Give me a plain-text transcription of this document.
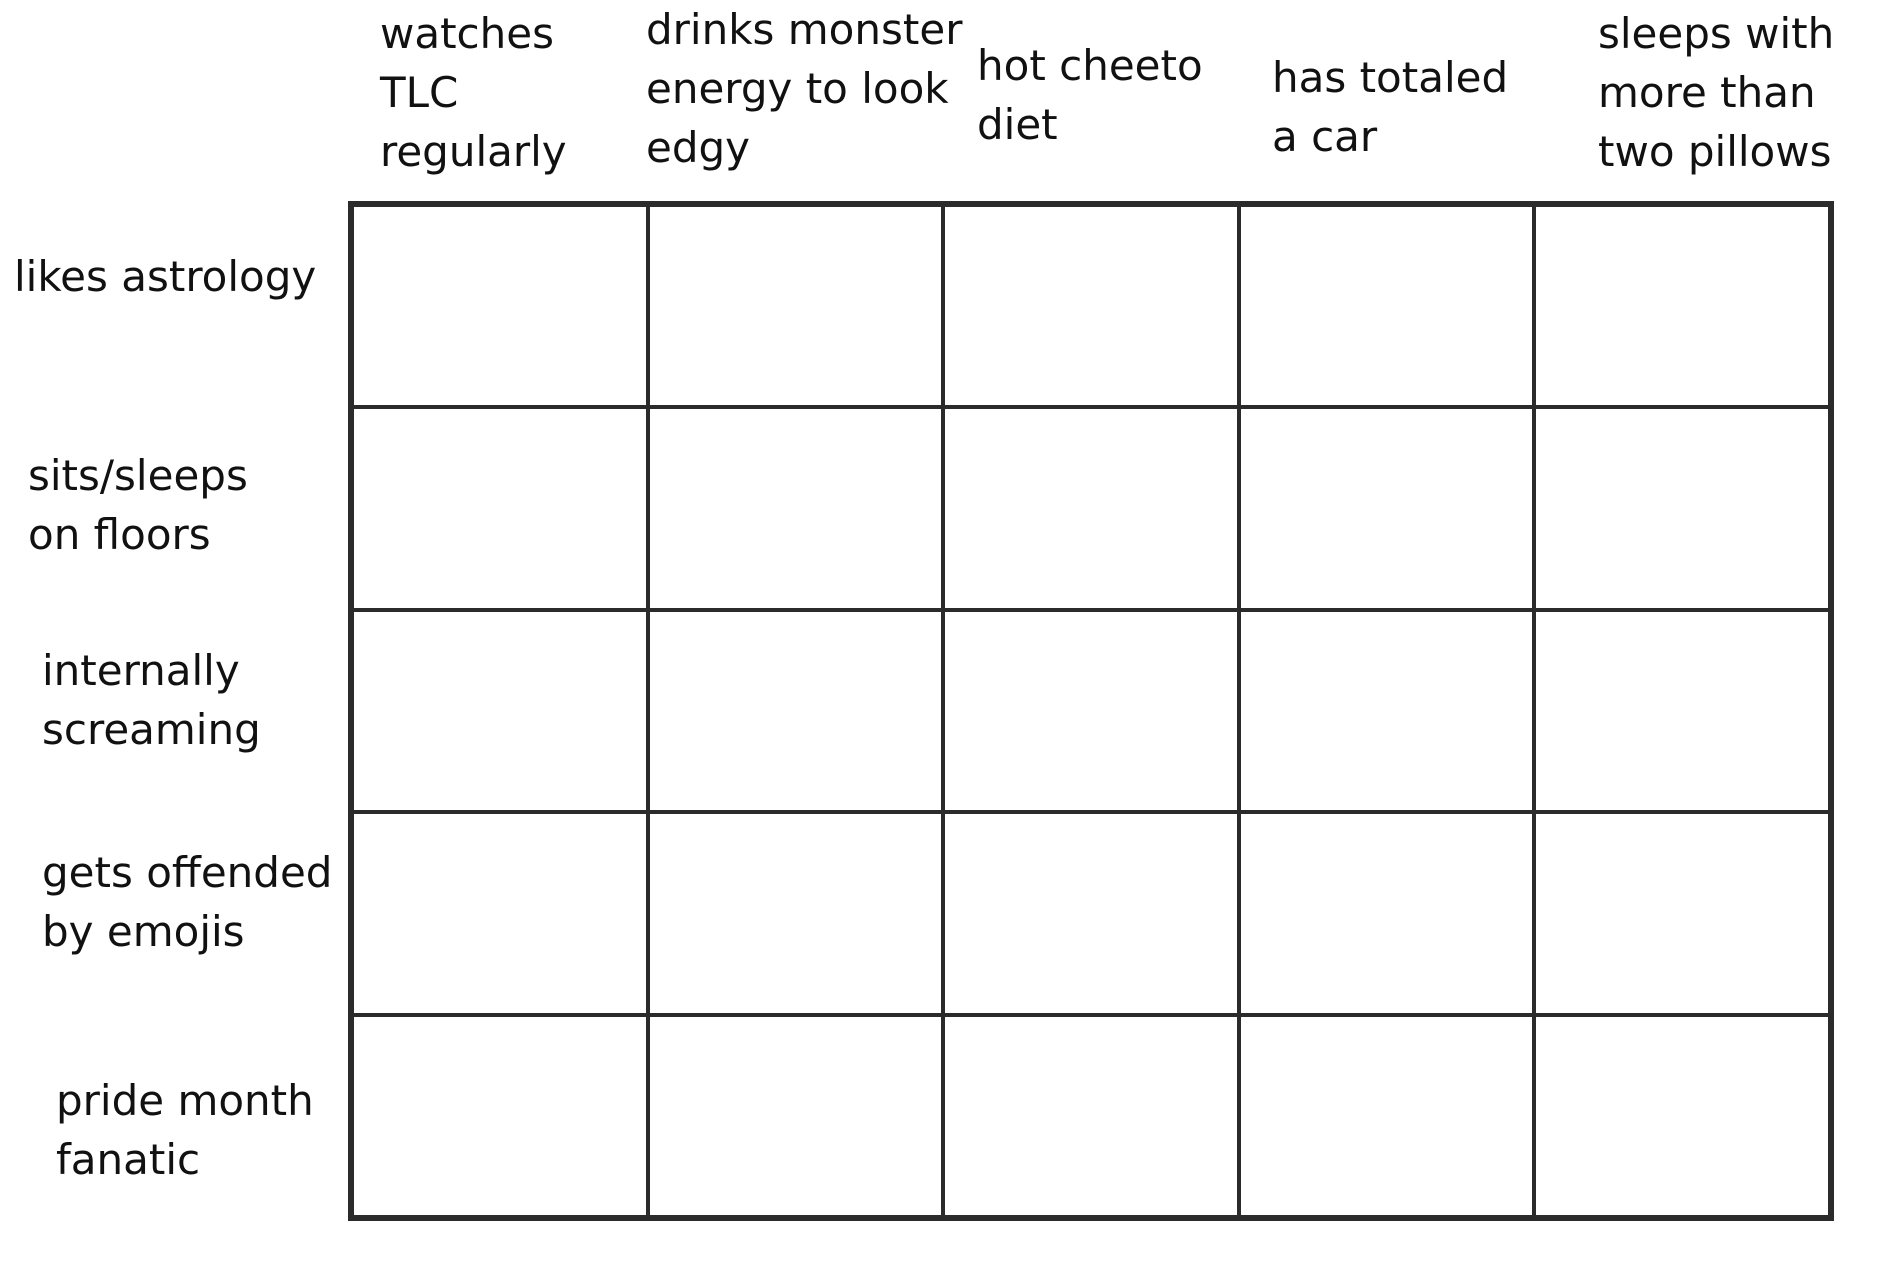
watches
TLC
regularly

drinks monster
energy to look
edgy

hot cheeto
diet

has totaled
a car

sleeps with
more than
two pillows

likes astrology

sits/sleeps
on floors

internally
screaming

gets offended
by emojis

pride month
fanatic
